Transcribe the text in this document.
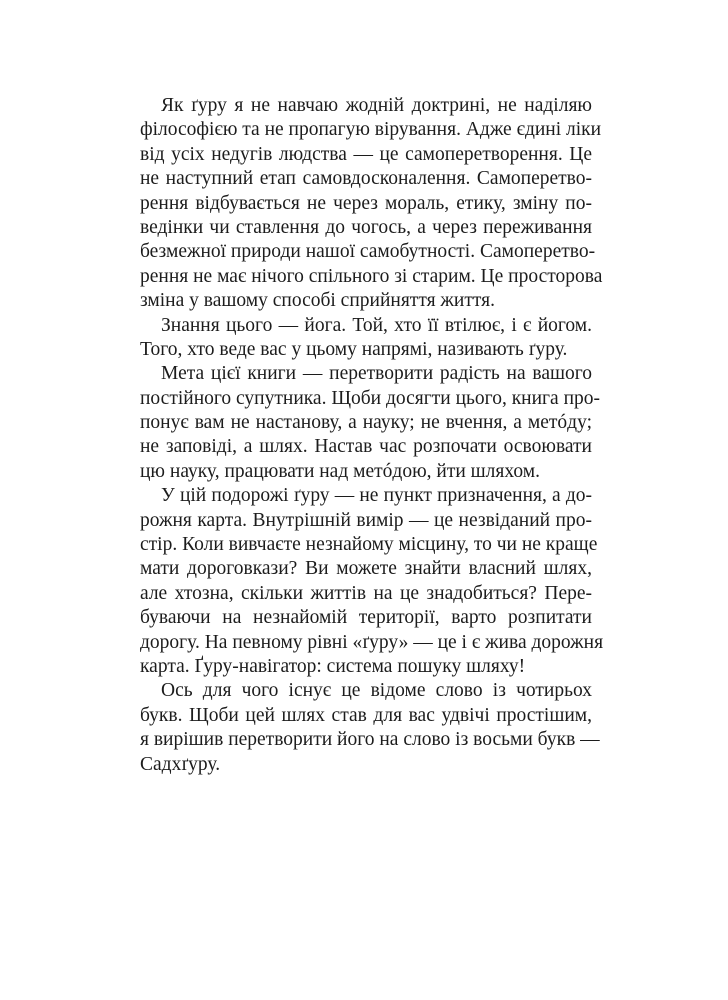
Як ґуру я не навчаю жодній доктрині, не наділяю
філософією та не пропагую вірування. Адже єдині ліки
від усіх недугів людства — це самоперетворення. Це
не наступний етап самовдосконалення. Самоперетво-
рення відбувається не через мораль, етику, зміну по-
ведінки чи ставлення до чогось, а через переживання
безмежної природи нашої самобутності. Самоперетво-
рення не має нічого спільного зі старим. Це просторова
зміна у вашому способі сприйняття життя.
Знання цього — йога. Той, хто її втілює, і є йогом.
Того, хто веде вас у цьому напрямі, називають ґуру.
Мета цієї книги — перетворити радість на вашого
постійного супутника. Щоби досягти цього, книга про-
понує вам не настанову, а науку; не вчення, а метóду;
не заповіді, а шлях. Настав час розпочати освоювати
цю науку, працювати над метóдою, йти шляхом.
У цій подорожі ґуру — не пункт призначення, а до-
рожня карта. Внутрішній вимір — це незвіданий про-
стір. Коли вивчаєте незнайому місцину, то чи не краще
мати дороговкази? Ви можете знайти власний шлях,
але хтозна, скільки життів на це знадобиться? Пере-
буваючи на незнайомій території, варто розпитати
дорогу. На певному рівні «ґуру» — це і є жива дорожня
карта. Ґуру-навігатор: система пошуку шляху!
Ось для чого існує це відоме слово із чотирьох
букв. Щоби цей шлях став для вас удвічі простішим,
я вирішив перетворити його на слово із восьми букв —
Садхґуру.
